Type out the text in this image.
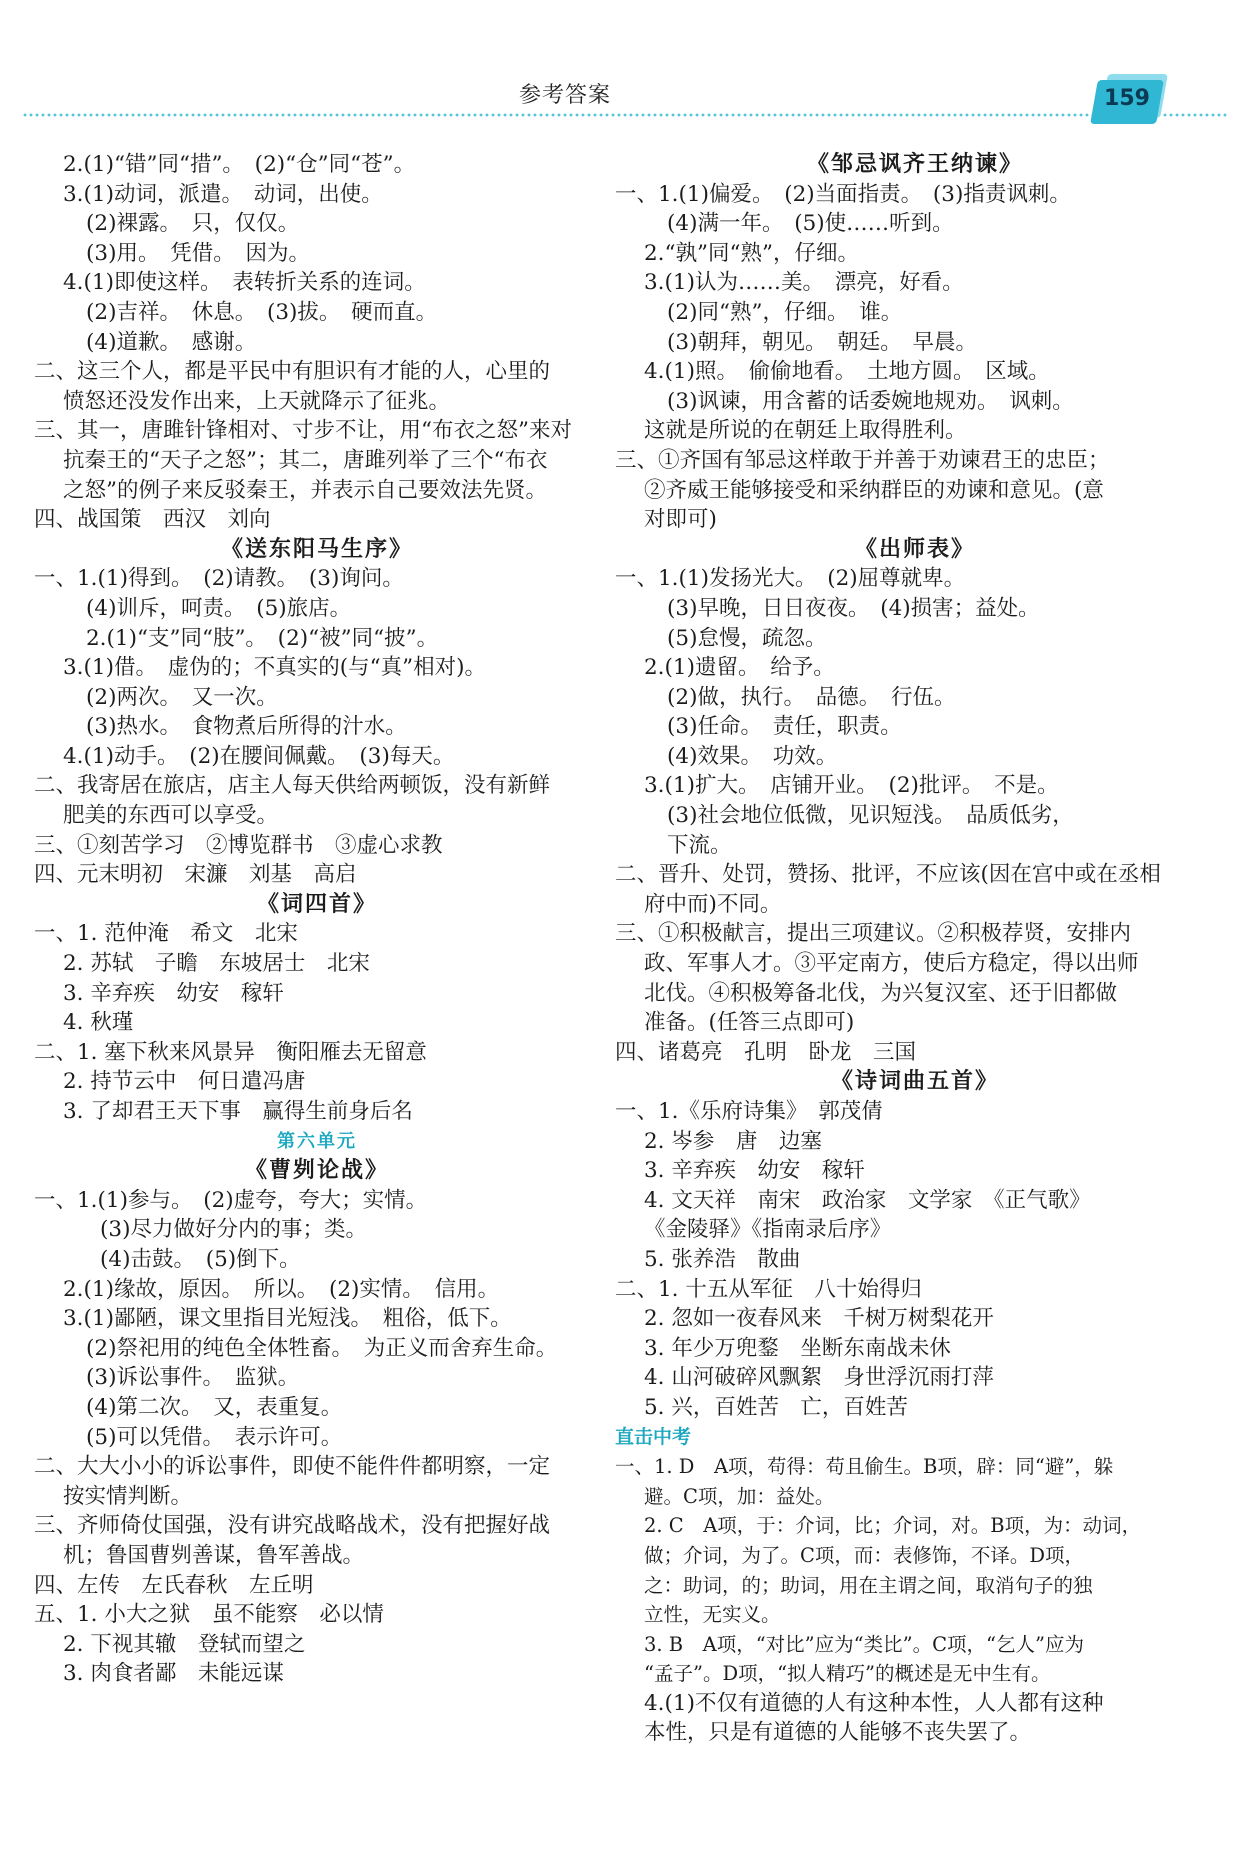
参考答案	159
2.(1)“错”同“措”。　(2)“仓”同“苍”。
3.(1)动词，派遣。　动词，出使。
(2)裸露。　只，仅仅。
(3)用。　凭借。　因为。
4.(1)即使这样。　表转折关系的连词。
(2)吉祥。　休息。　(3)拔。　硬而直。
(4)道歉。　感谢。
二、这三个人，都是平民中有胆识有才能的人，心里的
愤怒还没发作出来，上天就降示了征兆。
三、其一，唐雎针锋相对、寸步不让，用“布衣之怒”来对
抗秦王的“天子之怒”；其二，唐雎列举了三个“布衣
之怒”的例子来反驳秦王，并表示自己要效法先贤。
四、战国策　西汉　刘向
《送东阳马生序》
一、1.(1)得到。　(2)请教。　(3)询问。
(4)训斥，呵责。　(5)旅店。
2.(1)“支”同“肢”。　(2)“被”同“披”。
3.(1)借。　虚伪的；不真实的(与“真”相对)。
(2)两次。　又一次。
(3)热水。　食物煮后所得的汁水。
4.(1)动手。　(2)在腰间佩戴。　(3)每天。
二、我寄居在旅店，店主人每天供给两顿饭，没有新鲜
肥美的东西可以享受。
三、①刻苦学习　②博览群书　③虚心求教
四、元末明初　宋濂　刘基　高启
《词四首》
一、1. 范仲淹　希文　北宋
2. 苏轼　子瞻　东坡居士　北宋
3. 辛弃疾　幼安　稼轩
4. 秋瑾
二、1. 塞下秋来风景异　衡阳雁去无留意
2. 持节云中　何日遣冯唐
3. 了却君王天下事　赢得生前身后名
第六单元
《曹刿论战》
一、1.(1)参与。　(2)虚夸，夸大；实情。
(3)尽力做好分内的事；类。
(4)击鼓。　(5)倒下。
2.(1)缘故，原因。　所以。　(2)实情。　信用。
3.(1)鄙陋，课文里指目光短浅。　粗俗，低下。
(2)祭祀用的纯色全体牲畜。　为正义而舍弃生命。
(3)诉讼事件。　监狱。
(4)第二次。　又，表重复。
(5)可以凭借。　表示许可。
二、大大小小的诉讼事件，即使不能件件都明察，一定
按实情判断。
三、齐师倚仗国强，没有讲究战略战术，没有把握好战
机；鲁国曹刿善谋，鲁军善战。
四、左传　左氏春秋　左丘明
五、1. 小大之狱　虽不能察　必以情
2. 下视其辙　登轼而望之
3. 肉食者鄙　未能远谋
《邹忌讽齐王纳谏》
一、1.(1)偏爱。　(2)当面指责。　(3)指责讽刺。
(4)满一年。　(5)使……听到。
2.“孰”同“熟”，仔细。
3.(1)认为……美。　漂亮，好看。
(2)同“熟”，仔细。　谁。
(3)朝拜，朝见。　朝廷。　早晨。
4.(1)照。　偷偷地看。　土地方圆。　区域。
(3)讽谏，用含蓄的话委婉地规劝。　讽刺。
这就是所说的在朝廷上取得胜利。
三、①齐国有邹忌这样敢于并善于劝谏君王的忠臣；
②齐威王能够接受和采纳群臣的劝谏和意见。(意
对即可)
《出师表》
一、1.(1)发扬光大。　(2)屈尊就卑。
(3)早晚，日日夜夜。　(4)损害；益处。
(5)怠慢，疏忽。
2.(1)遗留。　给予。
(2)做，执行。　品德。　行伍。
(3)任命。　责任，职责。
(4)效果。　功效。
3.(1)扩大。　店铺开业。　(2)批评。　不是。
(3)社会地位低微，见识短浅。　品质低劣，
下流。
二、晋升、处罚，赞扬、批评，不应该(因在宫中或在丞相
府中而)不同。
三、①积极献言，提出三项建议。②积极荐贤，安排内
政、军事人才。③平定南方，使后方稳定，得以出师
北伐。④积极筹备北伐，为兴复汉室、还于旧都做
准备。(任答三点即可)
四、诸葛亮　孔明　卧龙　三国
《诗词曲五首》
一、1.《乐府诗集》　郭茂倩
2. 岑参　唐　边塞
3. 辛弃疾　幼安　稼轩
4. 文天祥　南宋　政治家　文学家　《正气歌》
《金陵驿》《指南录后序》
5. 张养浩　散曲
二、1. 十五从军征　八十始得归
2. 忽如一夜春风来　千树万树梨花开
3. 年少万兜鍪　坐断东南战未休
4. 山河破碎风飘絮　身世浮沉雨打萍
5. 兴，百姓苦　亡，百姓苦
直击中考
一、1. D　A项，苟得：苟且偷生。B项，辟：同“避”，躲
避。C项，加：益处。
2. C　A项，于：介词，比；介词，对。B项，为：动词，
做；介词，为了。C项，而：表修饰，不译。D项，
之：助词，的；助词，用在主谓之间，取消句子的独
立性，无实义。
3. B　A项，“对比”应为“类比”。C项，“乞人”应为
“孟子”。D项，“拟人精巧”的概述是无中生有。
4.(1)不仅有道德的人有这种本性，人人都有这种
本性，只是有道德的人能够不丧失罢了。
